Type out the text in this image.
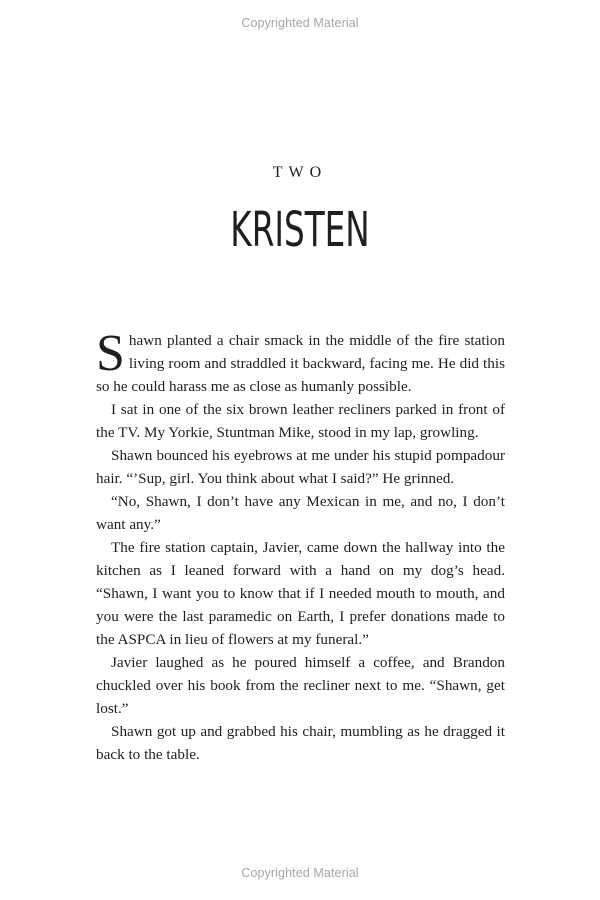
Copyrighted Material
TWO
KRISTEN

Shawn planted a chair smack in the middle of the fire station living room and straddled it backward, facing me. He did this so he could harass me as close as humanly possible.

I sat in one of the six brown leather recliners parked in front of the TV. My Yorkie, Stuntman Mike, stood in my lap, growling.

Shawn bounced his eyebrows at me under his stupid pompadour hair. “’Sup, girl. You think about what I said?” He grinned.

“No, Shawn, I don’t have any Mexican in me, and no, I don’t want any.”

The fire station captain, Javier, came down the hallway into the kitchen as I leaned forward with a hand on my dog’s head. “Shawn, I want you to know that if I needed mouth to mouth, and you were the last paramedic on Earth, I prefer donations made to the ASPCA in lieu of flowers at my funeral.”

Javier laughed as he poured himself a coffee, and Brandon chuckled over his book from the recliner next to me. “Shawn, get lost.”

Shawn got up and grabbed his chair, mumbling as he dragged it back to the table.

Copyrighted Material
